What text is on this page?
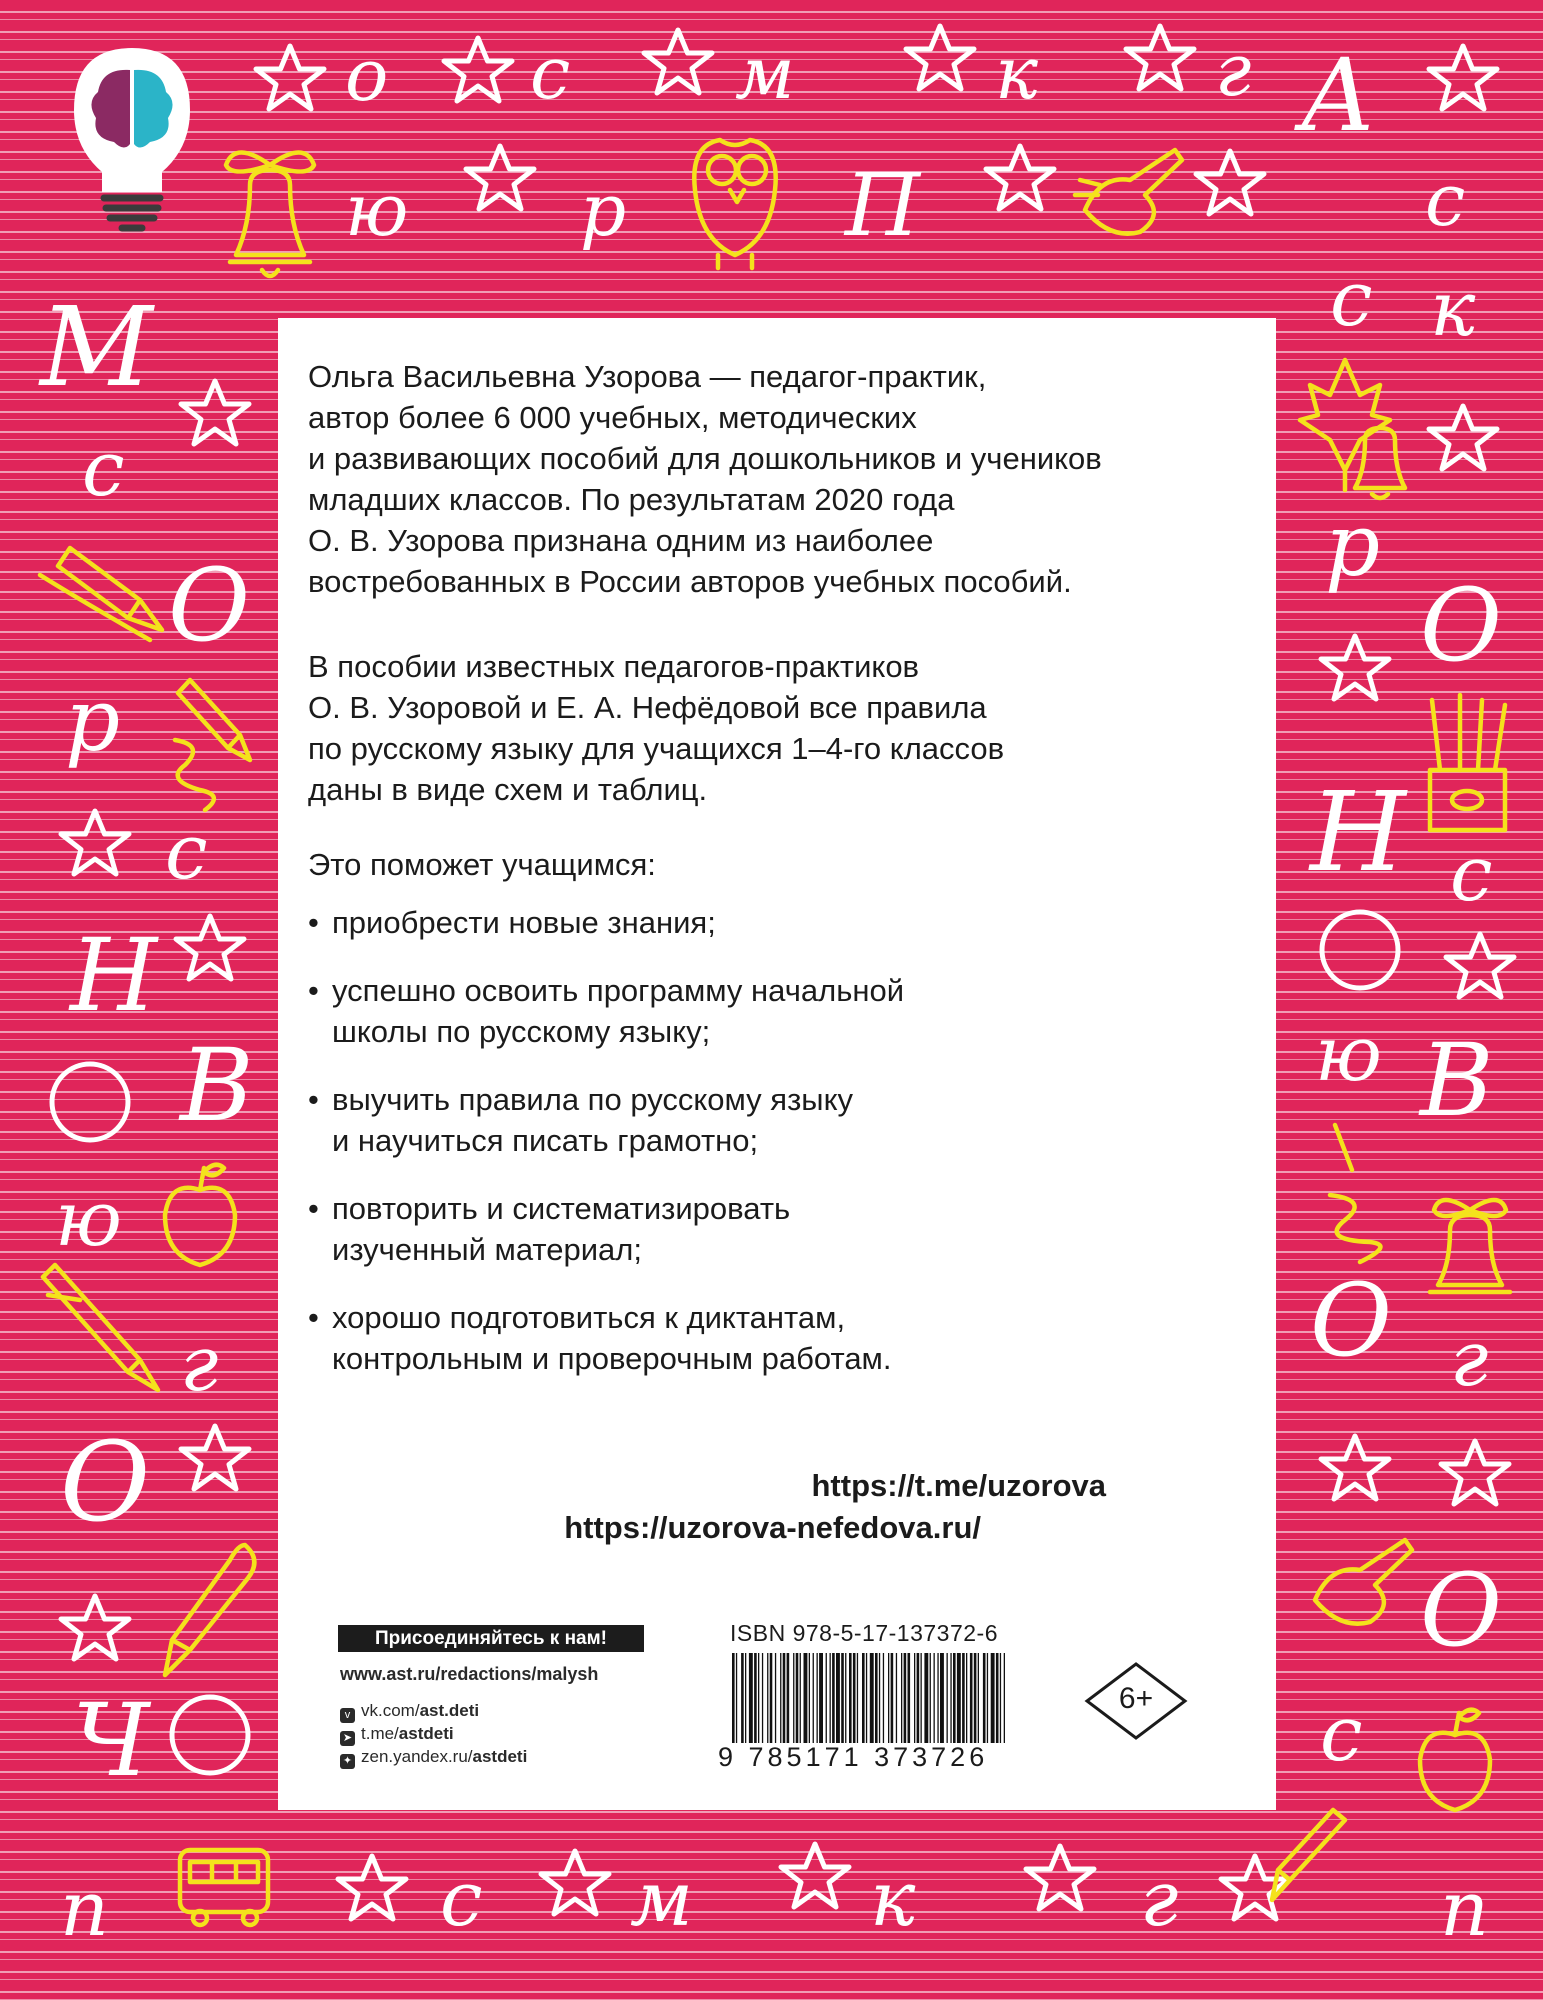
о с м	к г А
ю р	П	с
М
с
О
р
с
Н
В
ю
г
О
Ч
п	с м к	г
с к
р
О
Н с
ю В
О г
О
с
п

Ольга Васильевна Узорова — педагог-практик,
автор более 6 000 учебных, методических
и развивающих пособий для дошкольников и учеников
младших классов. По результатам 2020 года
О. В. Узорова признана одним из наиболее
востребованных в России авторов учебных пособий.

В пособии известных педагогов-практиков
О. В. Узоровой и Е. А. Нефёдовой все правила
по русскому языку для учащихся 1–4-го классов
даны в виде схем и таблиц.

Это поможет учащимся:

• приобрести новые знания;
• успешно освоить программу начальной
школы по русскому языку;
• выучить правила по русскому языку
и научиться писать грамотно;
• повторить и систематизировать
изученный материал;
• хорошо подготовиться к диктантам,
контрольным и проверочным работам.
https://t.me/uzorova
https://uzorova-nefedova.ru/
Присоединяйтесь к нам!
www.ast.ru/redactions/malysh
v vk.com/ast.deti
➤ t.me/astdeti
✦ zen.yandex.ru/astdeti
ISBN 978-5-17-137372-6
9 785171 373726
6+
